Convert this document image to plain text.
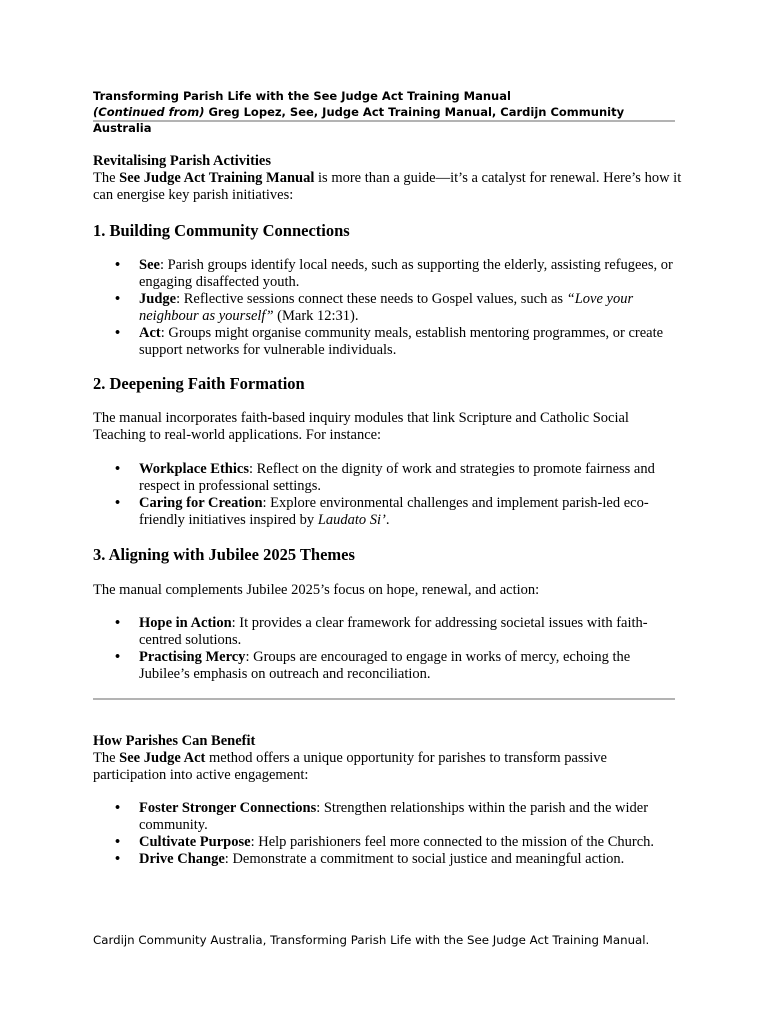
Transforming Parish Life with the See Judge Act Training Manual
(Continued from) Greg Lopez, See, Judge Act Training Manual, Cardijn Community Australia
Revitalising Parish Activities
The See Judge Act Training Manual is more than a guide—it’s a catalyst for renewal. Here’s how it can energise key parish initiatives:
1. Building Community Connections
• See: Parish groups identify local needs, such as supporting the elderly, assisting refugees, or engaging disaffected youth.
• Judge: Reflective sessions connect these needs to Gospel values, such as “Love your neighbour as yourself” (Mark 12:31).
• Act: Groups might organise community meals, establish mentoring programmes, or create support networks for vulnerable individuals.
2. Deepening Faith Formation
The manual incorporates faith-based inquiry modules that link Scripture and Catholic Social Teaching to real-world applications. For instance:
• Workplace Ethics: Reflect on the dignity of work and strategies to promote fairness and respect in professional settings.
• Caring for Creation: Explore environmental challenges and implement parish-led eco-friendly initiatives inspired by Laudato Si’.
3. Aligning with Jubilee 2025 Themes
The manual complements Jubilee 2025’s focus on hope, renewal, and action:
• Hope in Action: It provides a clear framework for addressing societal issues with faith-centred solutions.
• Practising Mercy: Groups are encouraged to engage in works of mercy, echoing the Jubilee’s emphasis on outreach and reconciliation.
How Parishes Can Benefit
The See Judge Act method offers a unique opportunity for parishes to transform passive participation into active engagement:
• Foster Stronger Connections: Strengthen relationships within the parish and the wider community.
• Cultivate Purpose: Help parishioners feel more connected to the mission of the Church.
• Drive Change: Demonstrate a commitment to social justice and meaningful action.
Cardijn Community Australia, Transforming Parish Life with the See Judge Act Training Manual.
